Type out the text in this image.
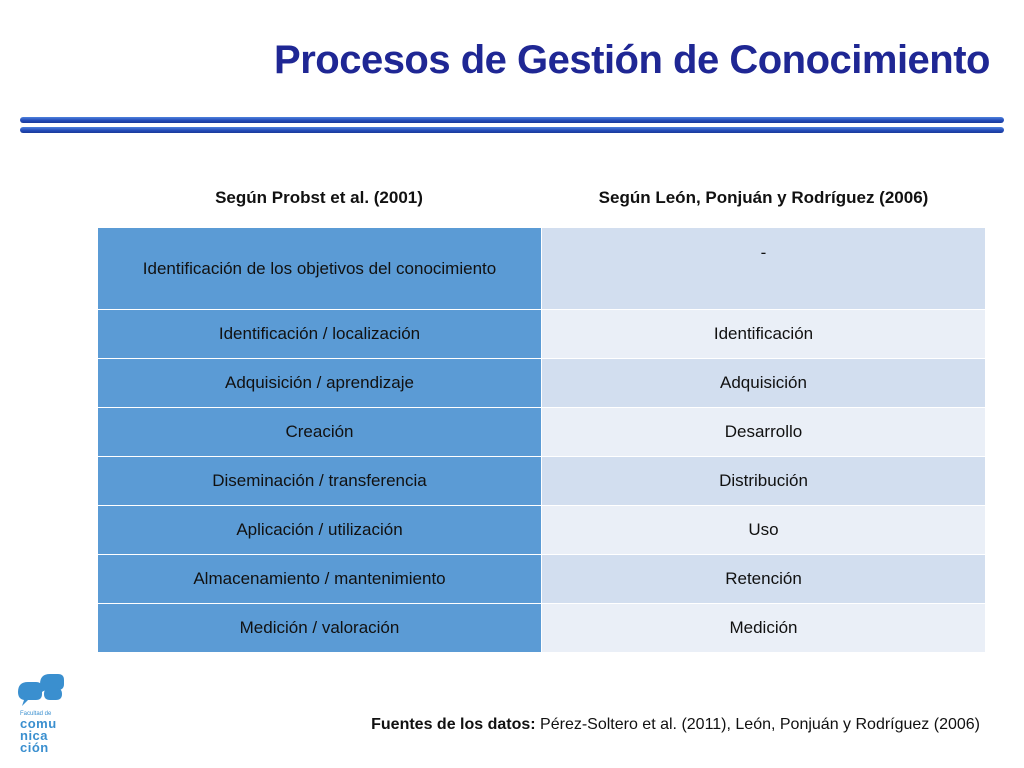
Procesos de Gestión de Conocimiento

Según Probst et al. (2001)	Según León, Ponjuán y Rodríguez (2006)

Identificación de los objetivos del conocimiento	-
Identificación / localización	Identificación
Adquisición / aprendizaje	Adquisición
Creación	Desarrollo
Diseminación / transferencia	Distribución
Aplicación / utilización	Uso
Almacenamiento / mantenimiento	Retención
Medición / valoración	Medición
Facultad de
comu
nica
ción

Fuentes de los datos: Pérez-Soltero et al. (2011), León, Ponjuán y Rodríguez (2006)
